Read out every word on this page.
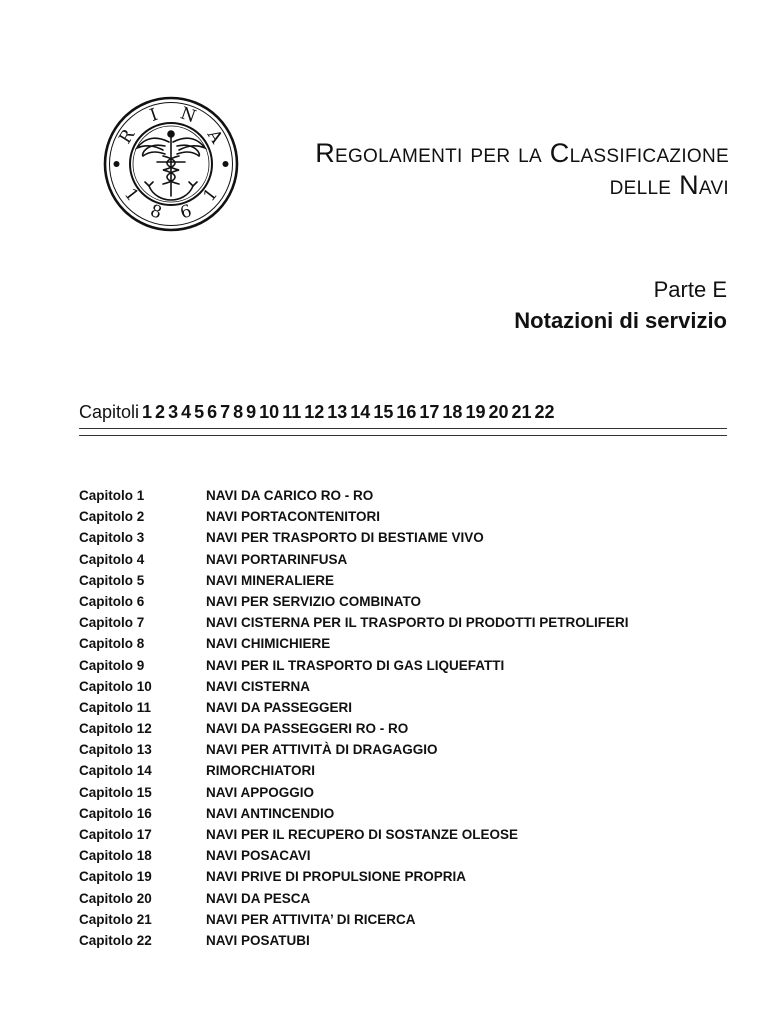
R
I N
A
1
8 6
1
Regolamenti per la Classificazione
delle Navi
Parte E
Notazioni di servizio
Capitoli 1 2 3 4 5 6 7 8 9 10 11 12 13 14 15 16 17 18 19 20 21 22
Capitolo 1	NAVI DA CARICO RO - RO
Capitolo 2	NAVI PORTACONTENITORI
Capitolo 3	NAVI PER TRASPORTO DI BESTIAME VIVO
Capitolo 4	NAVI PORTARINFUSA
Capitolo 5	NAVI MINERALIERE
Capitolo 6	NAVI PER SERVIZIO COMBINATO
Capitolo 7	NAVI CISTERNA PER IL TRASPORTO DI PRODOTTI PETROLIFERI
Capitolo 8	NAVI CHIMICHIERE
Capitolo 9	NAVI PER IL TRASPORTO DI GAS LIQUEFATTI
Capitolo 10	NAVI CISTERNA
Capitolo 11	NAVI DA PASSEGGERI
Capitolo 12	NAVI DA PASSEGGERI RO - RO
Capitolo 13	NAVI PER ATTIVITÀ DI DRAGAGGIO
Capitolo 14	RIMORCHIATORI
Capitolo 15	NAVI APPOGGIO
Capitolo 16	NAVI ANTINCENDIO
Capitolo 17	NAVI PER IL RECUPERO DI SOSTANZE OLEOSE
Capitolo 18	NAVI POSACAVI
Capitolo 19	NAVI PRIVE DI PROPULSIONE PROPRIA
Capitolo 20	NAVI DA PESCA
Capitolo 21	NAVI PER ATTIVITA’ DI RICERCA
Capitolo 22	NAVI POSATUBI
